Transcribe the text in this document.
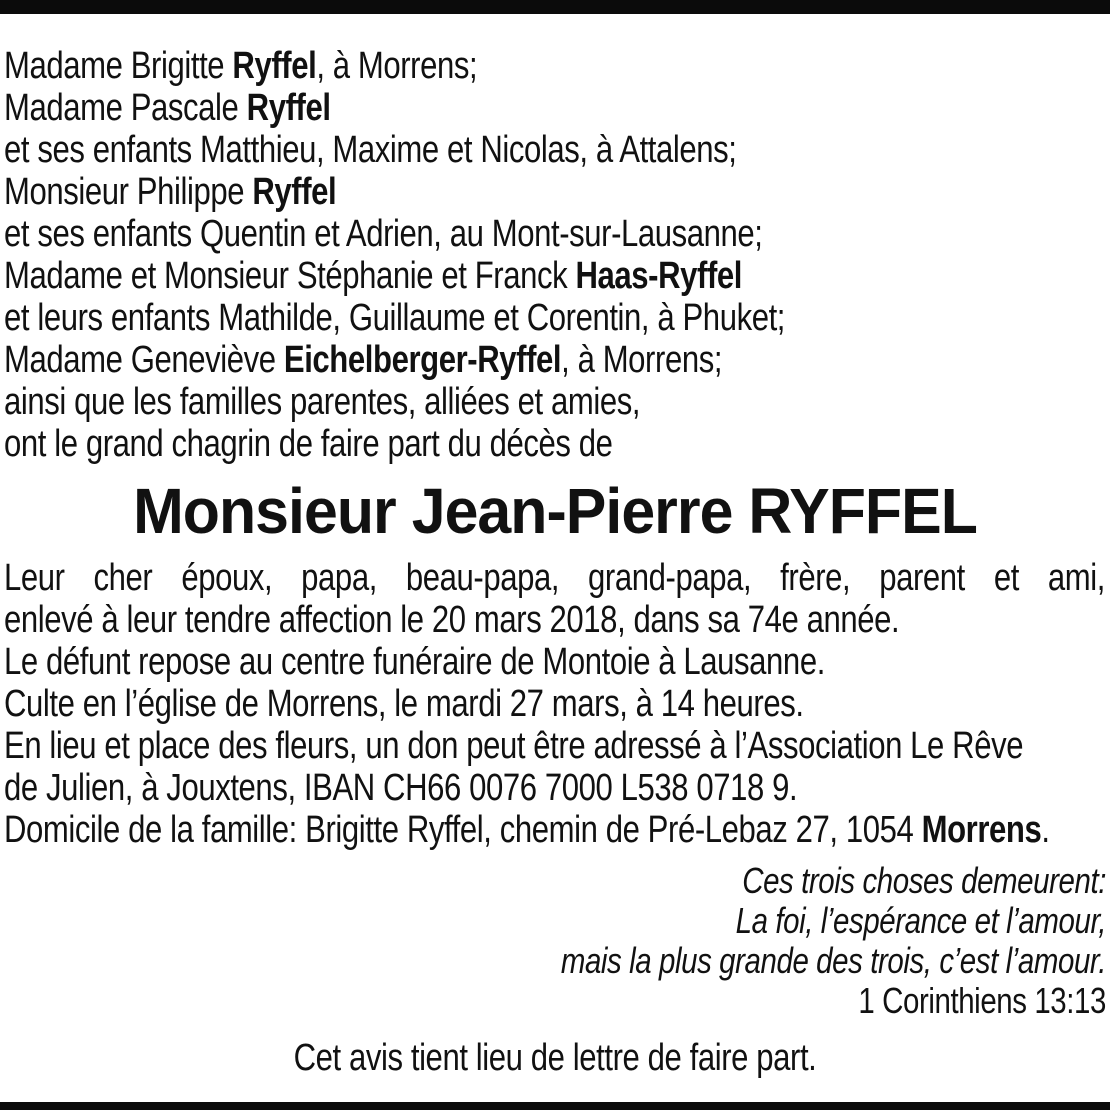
Madame Brigitte Ryffel, à Morrens;
Madame Pascale Ryffel
et ses enfants Matthieu, Maxime et Nicolas, à Attalens;
Monsieur Philippe Ryffel
et ses enfants Quentin et Adrien, au Mont-sur-Lausanne;
Madame et Monsieur Stéphanie et Franck Haas-Ryffel
et leurs enfants Mathilde, Guillaume et Corentin, à Phuket;
Madame Geneviève Eichelberger-Ryffel, à Morrens;
ainsi que les familles parentes, alliées et amies,
ont le grand chagrin de faire part du décès de
Monsieur Jean-Pierre RYFFEL
Leur cher époux, papa, beau-papa, grand-papa, frère, parent et ami,
enlevé à leur tendre affection le 20 mars 2018, dans sa 74e année.
Le défunt repose au centre funéraire de Montoie à Lausanne.
Culte en l’église de Morrens, le mardi 27 mars, à 14 heures.
En lieu et place des fleurs, un don peut être adressé à l’Association Le Rêve
de Julien, à Jouxtens, IBAN CH66 0076 7000 L538 0718 9.
Domicile de la famille: Brigitte Ryffel, chemin de Pré-Lebaz 27, 1054 Morrens.
Ces trois choses demeurent:
La foi, l’espérance et l’amour,
mais la plus grande des trois, c’est l’amour.
1 Corinthiens 13:13
Cet avis tient lieu de lettre de faire part.
